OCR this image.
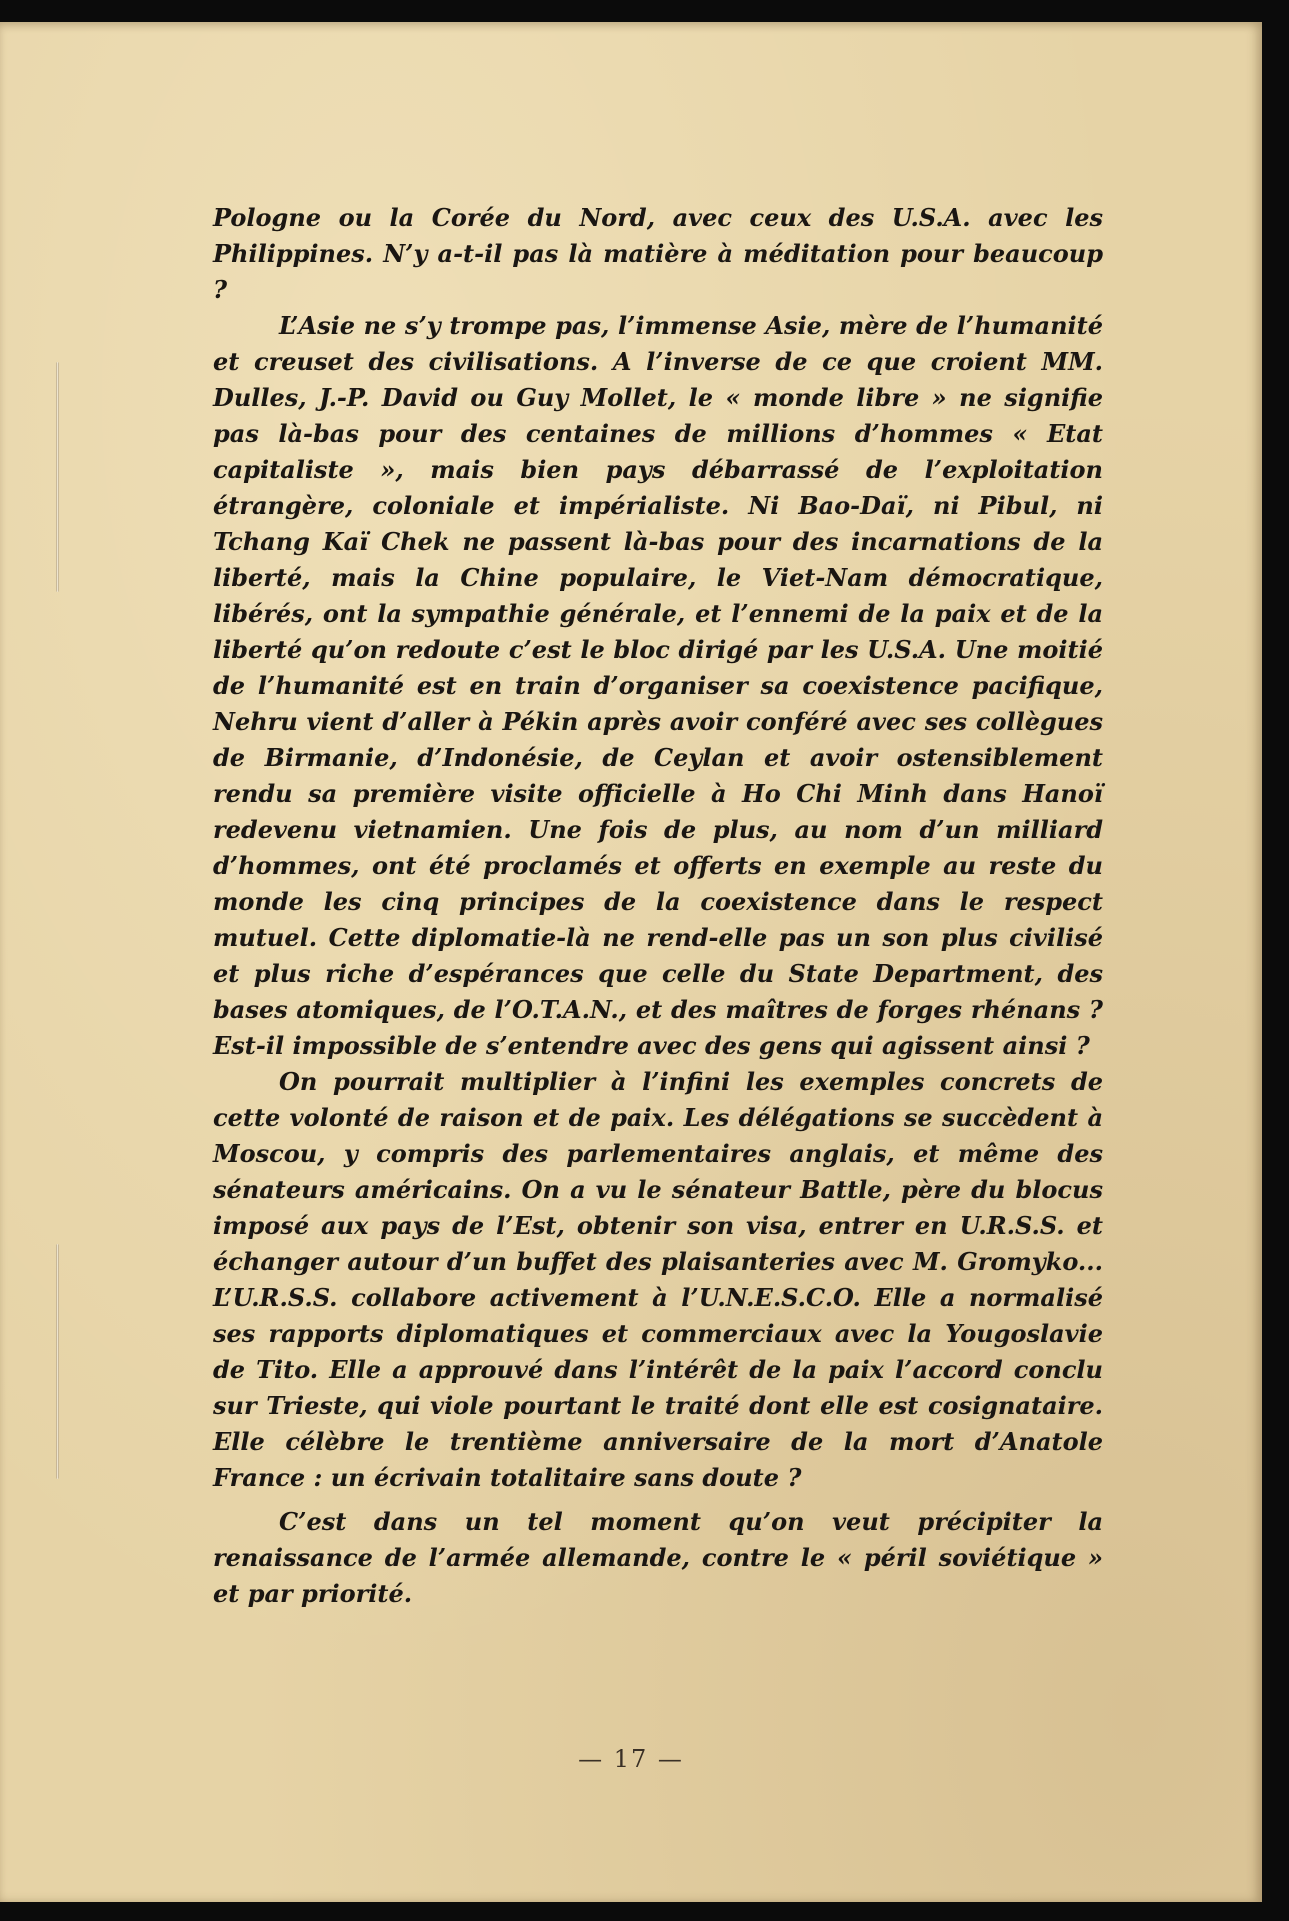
Pologne ou la Corée du Nord, avec ceux des U.S.A. avec les Philippines. N’y a-t-il pas là matière à méditation pour beaucoup ?

L’Asie ne s’y trompe pas, l’immense Asie, mère de l’humanité et creuset des civilisations. A l’inverse de ce que croient MM. Dulles, J.-P. David ou Guy Mollet, le « monde libre » ne signifie pas là-bas pour des centaines de millions d’hommes « Etat capitaliste », mais bien pays débarrassé de l’exploitation étrangère, coloniale et impérialiste. Ni Bao-Daï, ni Pibul, ni Tchang Kaï Chek ne passent là-bas pour des incarnations de la liberté, mais la Chine populaire, le Viet-Nam démocratique, libérés, ont la sympathie générale, et l’ennemi de la paix et de la liberté qu’on redoute c’est le bloc dirigé par les U.S.A. Une moitié de l’humanité est en train d’organiser sa coexistence pacifique, Nehru vient d’aller à Pékin après avoir conféré avec ses collègues de Birmanie, d’Indonésie, de Ceylan et avoir ostensiblement rendu sa première visite officielle à Ho Chi Minh dans Hanoï redevenu vietnamien. Une fois de plus, au nom d’un milliard d’hommes, ont été proclamés et offerts en exemple au reste du monde les cinq principes de la coexistence dans le respect mutuel. Cette diplomatie-là ne rend-elle pas un son plus civilisé et plus riche d’espérances que celle du State Department, des bases atomiques, de l’O.T.A.N., et des maîtres de forges rhénans ? Est-il impossible de s’entendre avec des gens qui agissent ainsi ?

On pourrait multiplier à l’infini les exemples concrets de cette volonté de raison et de paix. Les délégations se succèdent à Moscou, y compris des parlementaires anglais, et même des sénateurs américains. On a vu le sénateur Battle, père du blocus imposé aux pays de l’Est, obtenir son visa, entrer en U.R.S.S. et échanger autour d’un buffet des plaisanteries avec M. Gromyko... L’U.R.S.S. collabore activement à l’U.N.E.S.C.O. Elle a normalisé ses rapports diplomatiques et commerciaux avec la Yougoslavie de Tito. Elle a approuvé dans l’intérêt de la paix l’accord conclu sur Trieste, qui viole pourtant le traité dont elle est cosignataire. Elle célèbre le trentième anniversaire de la mort d’Anatole France : un écrivain totalitaire sans doute ?

C’est dans un tel moment qu’on veut précipiter la renaissance de l’armée allemande, contre le « péril soviétique » et par priorité.

— 17 —
